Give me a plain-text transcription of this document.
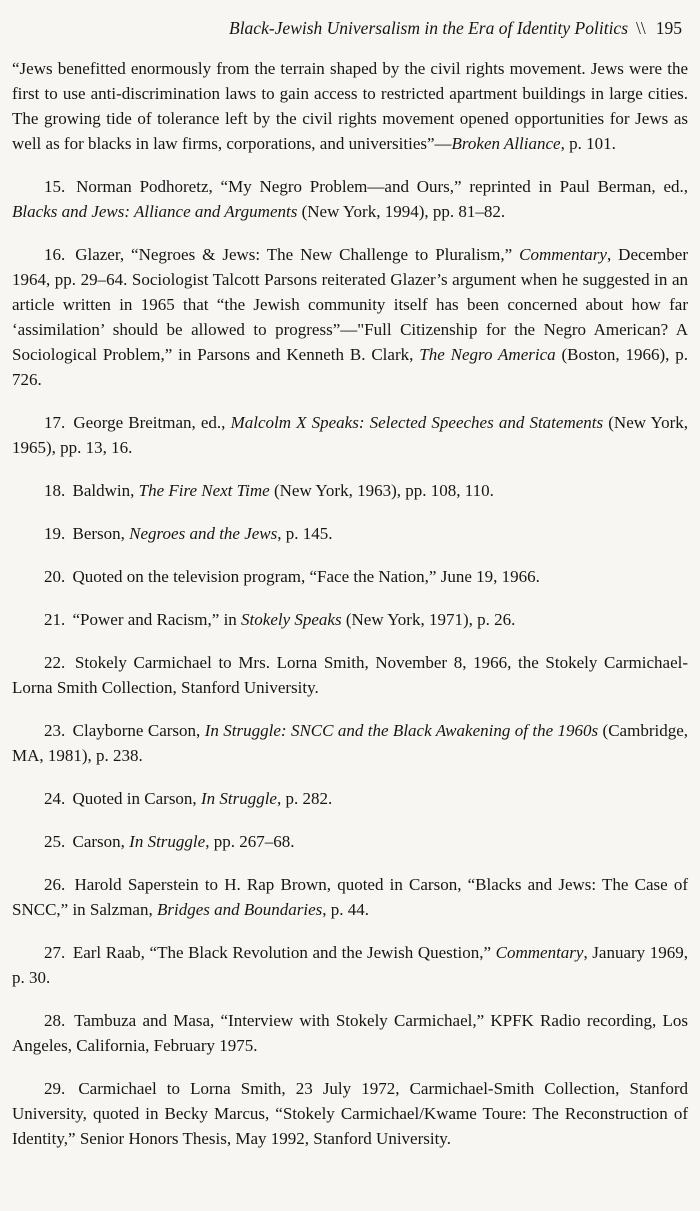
Black-Jewish Universalism in the Era of Identity Politics \\ 195

“Jews benefitted enormously from the terrain shaped by the civil rights movement. Jews were the first to use anti-discrimination laws to gain access to restricted apartment buildings in large cities. The growing tide of tolerance left by the civil rights movement opened opportunities for Jews as well as for blacks in law firms, corporations, and universities”—Broken Alliance, p. 101.

15. Norman Podhoretz, “My Negro Problem—and Ours,” reprinted in Paul Berman, ed., Blacks and Jews: Alliance and Arguments (New York, 1994), pp. 81–82.

16. Glazer, “Negroes & Jews: The New Challenge to Pluralism,” Commentary, December 1964, pp. 29–64. Sociologist Talcott Parsons reiterated Glazer’s argument when he suggested in an article written in 1965 that “the Jewish community itself has been concerned about how far ‘assimilation’ should be allowed to progress”—"Full Citizenship for the Negro American? A Sociological Problem,” in Parsons and Kenneth B. Clark, The Negro America (Boston, 1966), p. 726.

17. George Breitman, ed., Malcolm X Speaks: Selected Speeches and Statements (New York, 1965), pp. 13, 16.

18. Baldwin, The Fire Next Time (New York, 1963), pp. 108, 110.

19. Berson, Negroes and the Jews, p. 145.

20. Quoted on the television program, “Face the Nation,” June 19, 1966.

21. “Power and Racism,” in Stokely Speaks (New York, 1971), p. 26.

22. Stokely Carmichael to Mrs. Lorna Smith, November 8, 1966, the Stokely Carmichael-Lorna Smith Collection, Stanford University.

23. Clayborne Carson, In Struggle: SNCC and the Black Awakening of the 1960s (Cambridge, MA, 1981), p. 238.

24. Quoted in Carson, In Struggle, p. 282.

25. Carson, In Struggle, pp. 267–68.

26. Harold Saperstein to H. Rap Brown, quoted in Carson, “Blacks and Jews: The Case of SNCC,” in Salzman, Bridges and Boundaries, p. 44.

27. Earl Raab, “The Black Revolution and the Jewish Question,” Commentary, January 1969, p. 30.

28. Tambuza and Masa, “Interview with Stokely Carmichael,” KPFK Radio recording, Los Angeles, California, February 1975.

29. Carmichael to Lorna Smith, 23 July 1972, Carmichael-Smith Collection, Stanford University, quoted in Becky Marcus, “Stokely Carmichael/Kwame Toure: The Reconstruction of Identity,” Senior Honors Thesis, May 1992, Stanford University.
